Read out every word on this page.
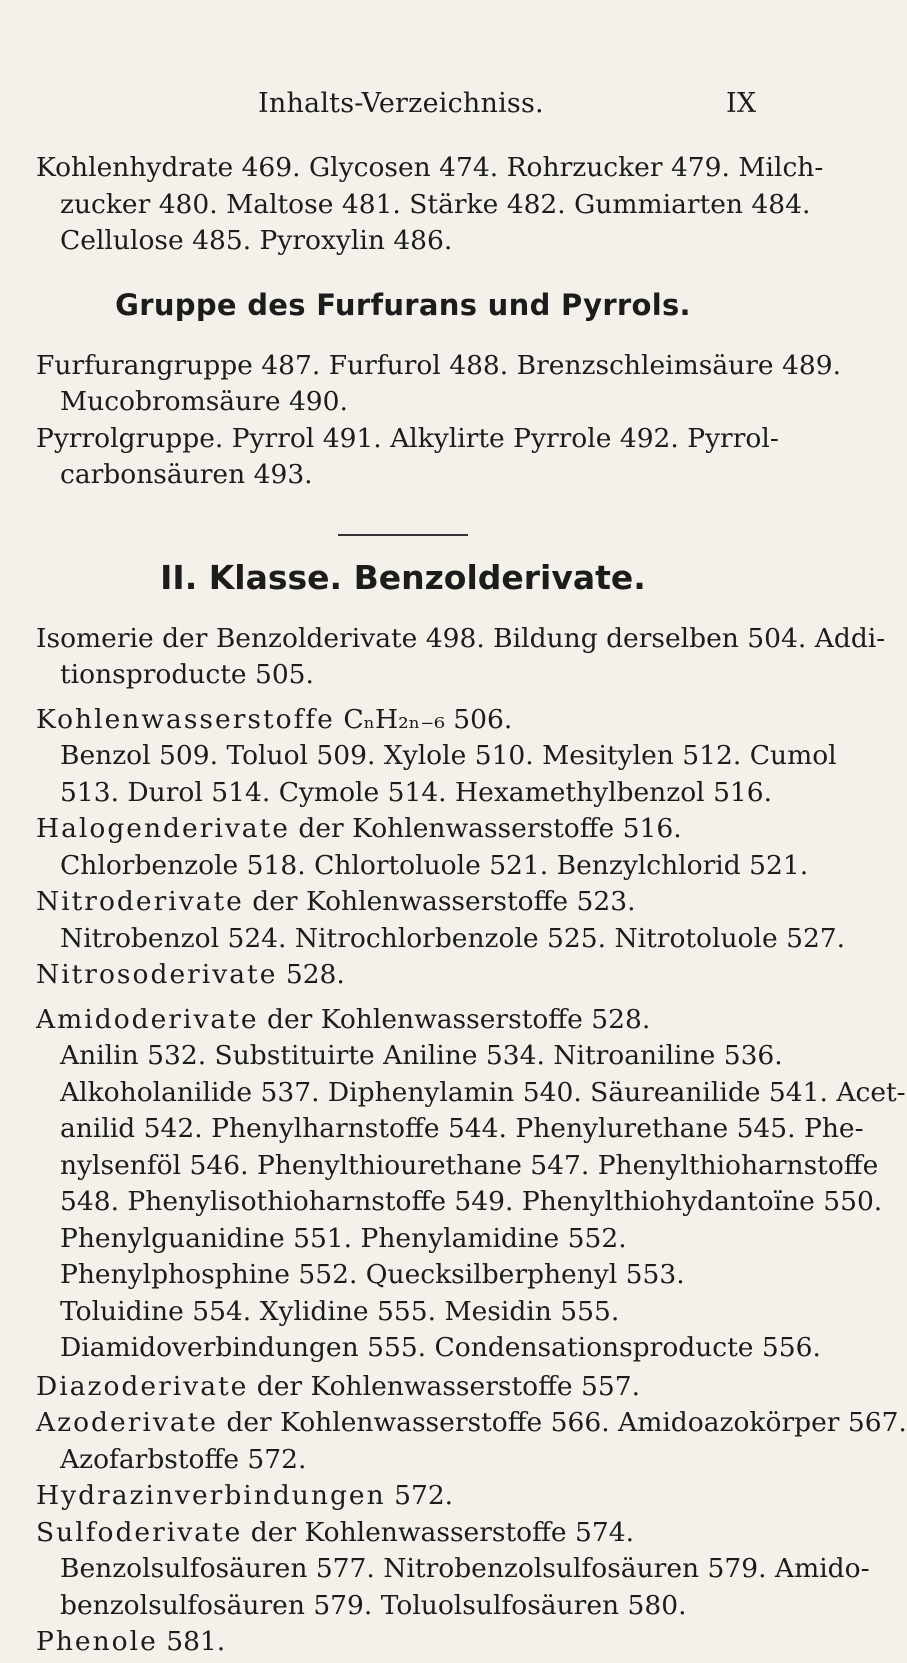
Inhalts-Verzeichniss.	IX
Kohlenhydrate 469. Glycosen 474. Rohrzucker 479. Milch-
zucker 480. Maltose 481. Stärke 482. Gummiarten 484.
Cellulose 485. Pyroxylin 486.
Gruppe des Furfurans und Pyrrols.
Furfurangruppe 487. Furfurol 488. Brenzschleimsäure 489.
Mucobromsäure 490.
Pyrrolgruppe. Pyrrol 491. Alkylirte Pyrrole 492. Pyrrol-
carbonsäuren 493.
II. Klasse. Benzolderivate.
Isomerie der Benzolderivate 498. Bildung derselben 504. Addi-
tionsproducte 505.
Kohlenwasserstoffe CₙH₂ₙ₋₆ 506.
Benzol 509. Toluol 509. Xylole 510. Mesitylen 512. Cumol
513. Durol 514. Cymole 514. Hexamethylbenzol 516.
Halogenderivate der Kohlenwasserstoffe 516.
Chlorbenzole 518. Chlortoluole 521. Benzylchlorid 521.
Nitroderivate der Kohlenwasserstoffe 523.
Nitrobenzol 524. Nitrochlorbenzole 525. Nitrotoluole 527.
Nitrosoderivate 528.
Amidoderivate der Kohlenwasserstoffe 528.
Anilin 532. Substituirte Aniline 534. Nitroaniline 536.
Alkoholanilide 537. Diphenylamin 540. Säureanilide 541. Acet-
anilid 542. Phenylharnstoffe 544. Phenylurethane 545. Phe-
nylsenföl 546. Phenylthiourethane 547. Phenylthioharnstoffe
548. Phenylisothioharnstoffe 549. Phenylthiohydantoïne 550.
Phenylguanidine 551. Phenylamidine 552.
Phenylphosphine 552. Quecksilberphenyl 553.
Toluidine 554. Xylidine 555. Mesidin 555.
Diamidoverbindungen 555. Condensationsproducte 556.
Diazoderivate der Kohlenwasserstoffe 557.
Azoderivate der Kohlenwasserstoffe 566. Amidoazokörper 567.
Azofarbstoffe 572.
Hydrazinverbindungen 572.
Sulfoderivate der Kohlenwasserstoffe 574.
Benzolsulfosäuren 577. Nitrobenzolsulfosäuren 579. Amido-
benzolsulfosäuren 579. Toluolsulfosäuren 580.
Phenole 581.
